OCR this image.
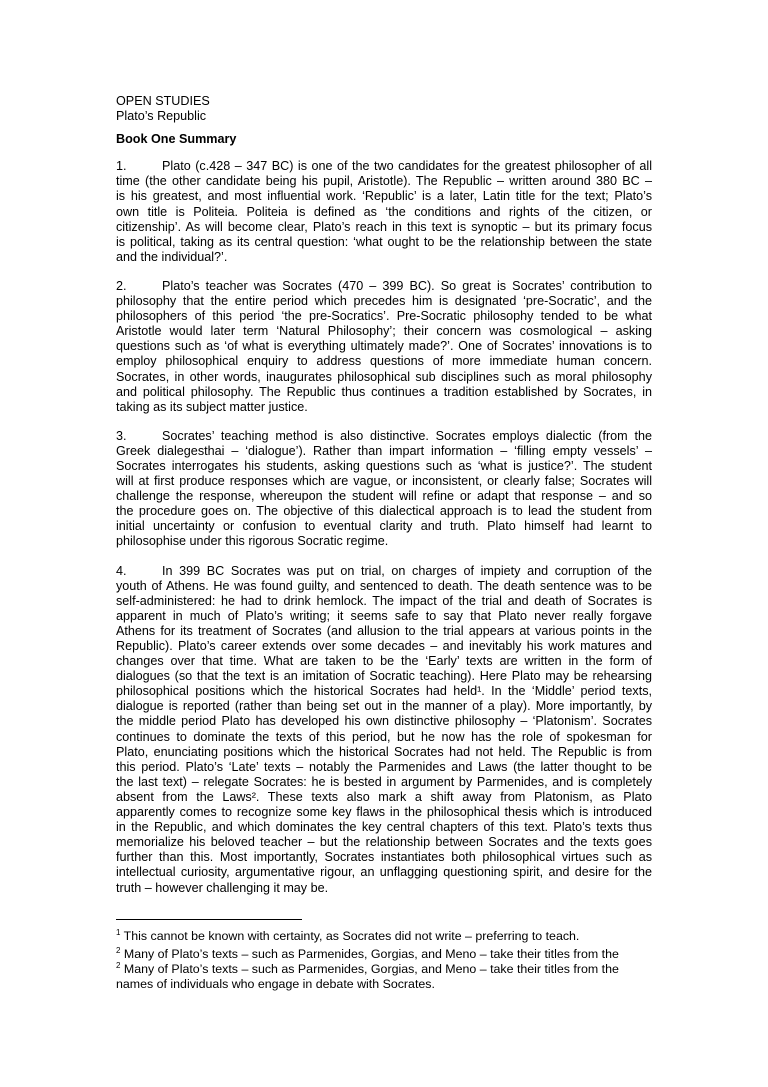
OPEN STUDIES
Plato’s Republic
Book One Summary
1.	Plato (c.428 – 347 BC) is one of the two candidates for the greatest philosopher of all
time (the other candidate being his pupil, Aristotle). The Republic – written around 380 BC –
is his greatest, and most influential work. ‘Republic’ is a later, Latin title for the text; Plato’s
own title is Politeia. Politeia is defined as ‘the conditions and rights of the citizen, or
citizenship’. As will become clear, Plato’s reach in this text is synoptic – but its primary focus
is political, taking as its central question: ‘what ought to be the relationship between the state
and the individual?’.
2.	Plato’s teacher was Socrates (470 – 399 BC). So great is Socrates’ contribution to
philosophy that the entire period which precedes him is designated ‘pre-Socratic’, and the
philosophers of this period ‘the pre-Socratics’. Pre-Socratic philosophy tended to be what
Aristotle would later term ‘Natural Philosophy’; their concern was cosmological – asking
questions such as ‘of what is everything ultimately made?’. One of Socrates’ innovations is to
employ philosophical enquiry to address questions of more immediate human concern.
Socrates, in other words, inaugurates philosophical sub disciplines such as moral philosophy
and political philosophy. The Republic thus continues a tradition established by Socrates, in
taking as its subject matter justice.
3.	Socrates’ teaching method is also distinctive. Socrates employs dialectic (from the
Greek dialegesthai – ‘dialogue’). Rather than impart information – ‘filling empty vessels’ –
Socrates interrogates his students, asking questions such as ‘what is justice?’. The student
will at first produce responses which are vague, or inconsistent, or clearly false; Socrates will
challenge the response, whereupon the student will refine or adapt that response – and so
the procedure goes on. The objective of this dialectical approach is to lead the student from
initial uncertainty or confusion to eventual clarity and truth. Plato himself had learnt to
philosophise under this rigorous Socratic regime.
4.	In 399 BC Socrates was put on trial, on charges of impiety and corruption of the
youth of Athens. He was found guilty, and sentenced to death. The death sentence was to be
self-administered: he had to drink hemlock. The impact of the trial and death of Socrates is
apparent in much of Plato’s writing; it seems safe to say that Plato never really forgave
Athens for its treatment of Socrates (and allusion to the trial appears at various points in the
Republic). Plato’s career extends over some decades – and inevitably his work matures and
changes over that time. What are taken to be the ‘Early’ texts are written in the form of
dialogues (so that the text is an imitation of Socratic teaching). Here Plato may be rehearsing
philosophical positions which the historical Socrates had held¹. In the ‘Middle’ period texts,
dialogue is reported (rather than being set out in the manner of a play). More importantly, by
the middle period Plato has developed his own distinctive philosophy – ‘Platonism’. Socrates
continues to dominate the texts of this period, but he now has the role of spokesman for
Plato, enunciating positions which the historical Socrates had not held. The Republic is from
this period. Plato’s ‘Late’ texts – notably the Parmenides and Laws (the latter thought to be
the last text) – relegate Socrates: he is bested in argument by Parmenides, and is completely
absent from the Laws². These texts also mark a shift away from Platonism, as Plato
apparently comes to recognize some key flaws in the philosophical thesis which is introduced
in the Republic, and which dominates the key central chapters of this text. Plato’s texts thus
memorialize his beloved teacher – but the relationship between Socrates and the texts goes
further than this. Most importantly, Socrates instantiates both philosophical virtues such as
intellectual curiosity, argumentative rigour, an unflagging questioning spirit, and desire for the
truth – however challenging it may be.
$^1$ This cannot be known with certainty, as Socrates did not write – preferring to teach.
$^2$ Many of Plato’s texts – such as Parmenides, Gorgias, and Meno – take their titles from the
$^2$ Many of Plato’s texts – such as Parmenides, Gorgias, and Meno – take their titles from the
names of individuals who engage in debate with Socrates.
